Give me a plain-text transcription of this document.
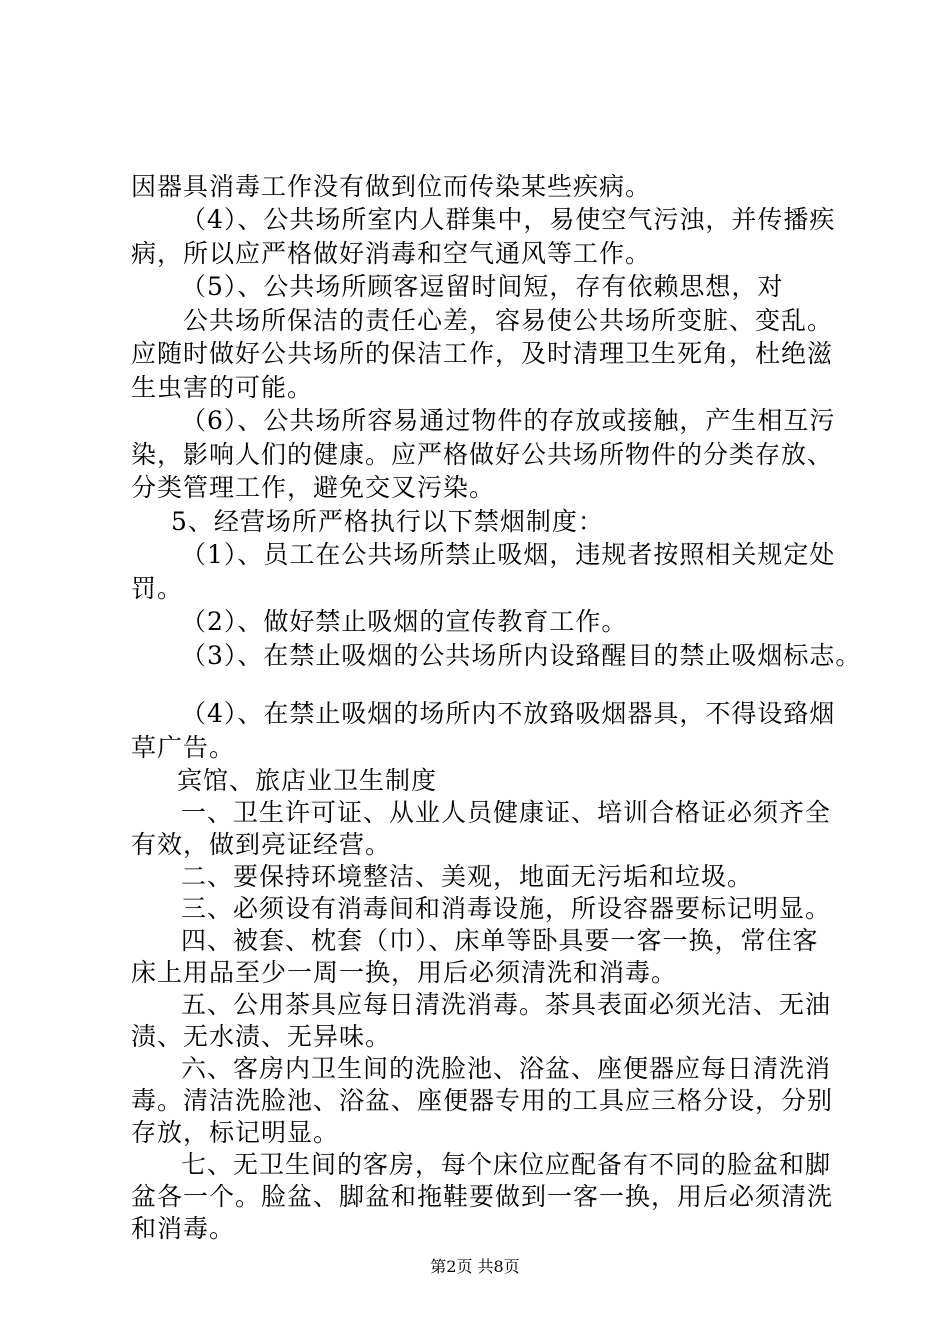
因器具消毒工作没有做到位而传染某些疾病。
（4）、公共场所室内人群集中，易使空气污浊，并传播疾
病，所以应严格做好消毒和空气通风等工作。
（5）、公共场所顾客逗留时间短，存有依赖思想，对
公共场所保洁的责任心差，容易使公共场所变脏、变乱。
应随时做好公共场所的保洁工作，及时清理卫生死角，杜绝滋
生虫害的可能。
（6）、公共场所容易通过物件的存放或接触，产生相互污
染，影响人们的健康。应严格做好公共场所物件的分类存放、
分类管理工作，避免交叉污染。
5、经营场所严格执行以下禁烟制度：
（1）、员工在公共场所禁止吸烟，违规者按照相关规定处
罚。
（2）、做好禁止吸烟的宣传教育工作。
（3）、在禁止吸烟的公共场所内设臵醒目的禁止吸烟标志。
（4）、在禁止吸烟的场所内不放臵吸烟器具，不得设臵烟
草广告。
宾馆、旅店业卫生制度
一、卫生许可证、从业人员健康证、培训合格证必须齐全
有效，做到亮证经营。
二、要保持环境整洁、美观，地面无污垢和垃圾。
三、必须设有消毒间和消毒设施，所设容器要标记明显。
四、被套、枕套（巾）、床单等卧具要一客一换，常住客
床上用品至少一周一换，用后必须清洗和消毒。
五、公用茶具应每日清洗消毒。茶具表面必须光洁、无油
渍、无水渍、无异味。
六、客房内卫生间的洗脸池、浴盆、座便器应每日清洗消
毒。清洁洗脸池、浴盆、座便器专用的工具应三格分设，分别
存放，标记明显。
七、无卫生间的客房，每个床位应配备有不同的脸盆和脚
盆各一个。脸盆、脚盆和拖鞋要做到一客一换，用后必须清洗
和消毒。
第2页 共8页
